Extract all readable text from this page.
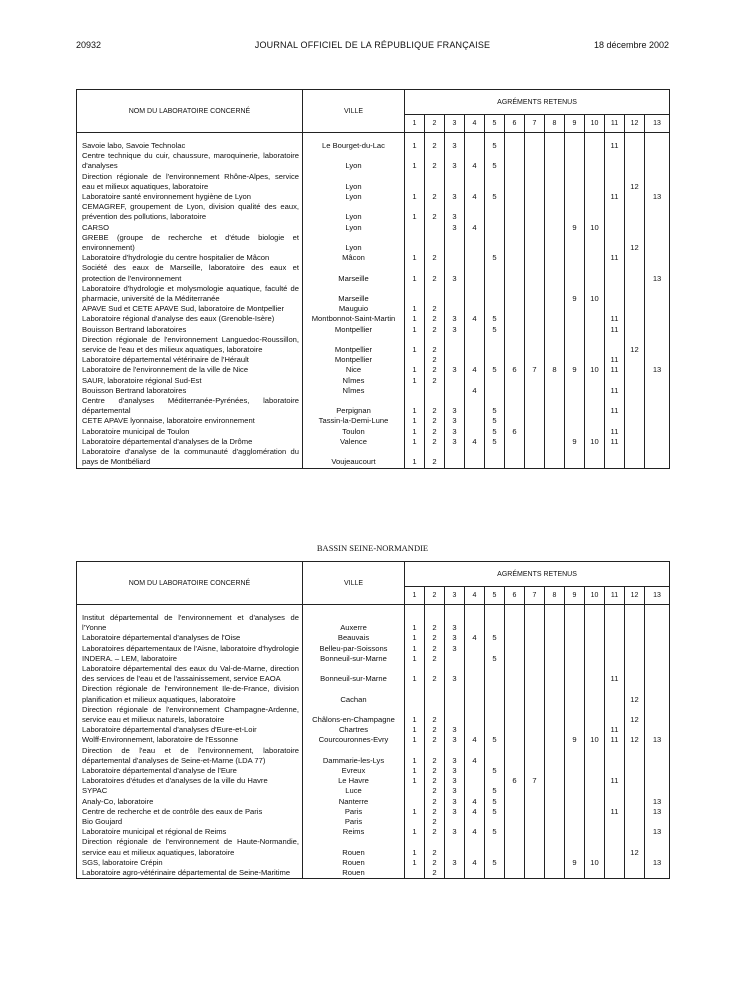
20932	JOURNAL OFFICIEL DE LA RÉPUBLIQUE FRANÇAISE	18 décembre 2002
NOM DU LABORATOIRE CONCERNÉ	VILLE	AGRÉMENTS RETENUS												
		1	2	3	4	5	6	7	8	9	10	11	12	13

Savoie labo, Savoie Technolac	Le Bourget-du-Lac	1	2	3		5						11		
Centre technique du cuir, chaussure, maroquinerie, laboratoire d'analyses	Lyon	1	2	3	4	5								
Direction régionale de l'environnement Rhône-Alpes, service eau et milieux aquatiques, laboratoire	Lyon												12	
Laboratoire santé environnement hygiène de Lyon	Lyon	1	2	3	4	5						11		13
CEMAGREF, groupement de Lyon, division qualité des eaux, prévention des pollutions, laboratoire	Lyon	1	2	3										
CARSO	Lyon			3	4					9	10			
GREBE (groupe de recherche et d'étude biologie et environnement)	Lyon												12	
Laboratoire d'hydrologie du centre hospitalier de Mâcon	Mâcon	1	2			5						11		
Société des eaux de Marseille, laboratoire des eaux et protection de l'environnement	Marseille	1	2	3										13
Laboratoire d'hydrologie et molysmologie aquatique, faculté de pharmacie, université de la Méditerranée	Marseille									9	10			
APAVE Sud et CETE APAVE Sud, laboratoire de Montpellier	Mauguio	1	2											
Laboratoire régional d'analyse des eaux (Grenoble-Isère)	Montbonnot-Saint-Martin	1	2	3	4	5						11		
Bouisson Bertrand laboratoires	Montpellier	1	2	3		5						11		
Direction régionale de l'environnement Languedoc-Roussillon, service de l'eau et des milieux aquatiques, laboratoire	Montpellier	1	2										12	
Laboratoire départemental vétérinaire de l'Hérault	Montpellier		2									11		
Laboratoire de l'environnement de la ville de Nice	Nice	1	2	3	4	5	6	7	8	9	10	11		13
SAUR, laboratoire régional Sud-Est	Nîmes	1	2											
Bouisson Bertrand laboratoires	Nîmes				4							11		
Centre d'analyses Méditerranée-Pyrénées, laboratoire départemental	Perpignan	1	2	3		5						11		
CETE APAVE lyonnaise, laboratoire environnement	Tassin-la-Demi-Lune	1	2	3		5								
Laboratoire municipal de Toulon	Toulon	1	2	3		5	6					11		
Laboratoire départemental d'analyses de la Drôme	Valence	1	2	3	4	5				9	10	11		
Laboratoire d'analyse de la communauté d'agglomération du pays de Montbéliard	Voujeaucourt	1	2											
BASSIN SEINE-NORMANDIE
NOM DU LABORATOIRE CONCERNÉ	VILLE	AGRÉMENTS RETENUS												
		1	2	3	4	5	6	7	8	9	10	11	12	13

Institut départemental de l'environnement et d'analyses de l'Yonne	Auxerre	1	2	3										
Laboratoire départemental d'analyses de l'Oise	Beauvais	1	2	3	4	5								
Laboratoires départementaux de l'Aisne, laboratoire d'hydrologie	Belleu-par-Soissons	1	2	3										
INDERA. – LEM, laboratoire	Bonneuil-sur-Marne	1	2			5								
Laboratoire départemental des eaux du Val-de-Marne, direction des services de l'eau et de l'assainissement, service EAOA	Bonneuil-sur-Marne	1	2	3								11		
Direction régionale de l'environnement Ile-de-France, division planification et milieux aquatiques, laboratoire	Cachan												12	
Direction régionale de l'environnement Champagne-Ardenne, service eau et milieux naturels, laboratoire	Châlons-en-Champagne	1	2										12	
Laboratoire départemental d'analyses d'Eure-et-Loir	Chartres	1	2	3								11		
Wolff-Environnement, laboratoire de l'Essonne	Courcouronnes-Evry	1	2	3	4	5				9	10	11	12	13
Direction de l'eau et de l'environnement, laboratoire départemental d'analyses de Seine-et-Marne (LDA 77)	Dammarie-les-Lys	1	2	3	4									
Laboratoire départemental d'analyse de l'Eure	Evreux	1	2	3		5								
Laboratoires d'études et d'analyses de la ville du Havre	Le Havre	1	2	3			6	7				11		
SYPAC	Luce		2	3		5								
Analy-Co, laboratoire	Nanterre		2	3	4	5								13
Centre de recherche et de contrôle des eaux de Paris	Paris	1	2	3	4	5						11		13
Bio Goujard	Paris		2											
Laboratoire municipal et régional de Reims	Reims	1	2	3	4	5								13
Direction régionale de l'environnement de Haute-Normandie, service eau et milieux aquatiques, laboratoire	Rouen	1	2										12	
SGS, laboratoire Crépin	Rouen	1	2	3	4	5				9	10			13
Laboratoire agro-vétérinaire départemental de Seine-Maritime	Rouen		2											
